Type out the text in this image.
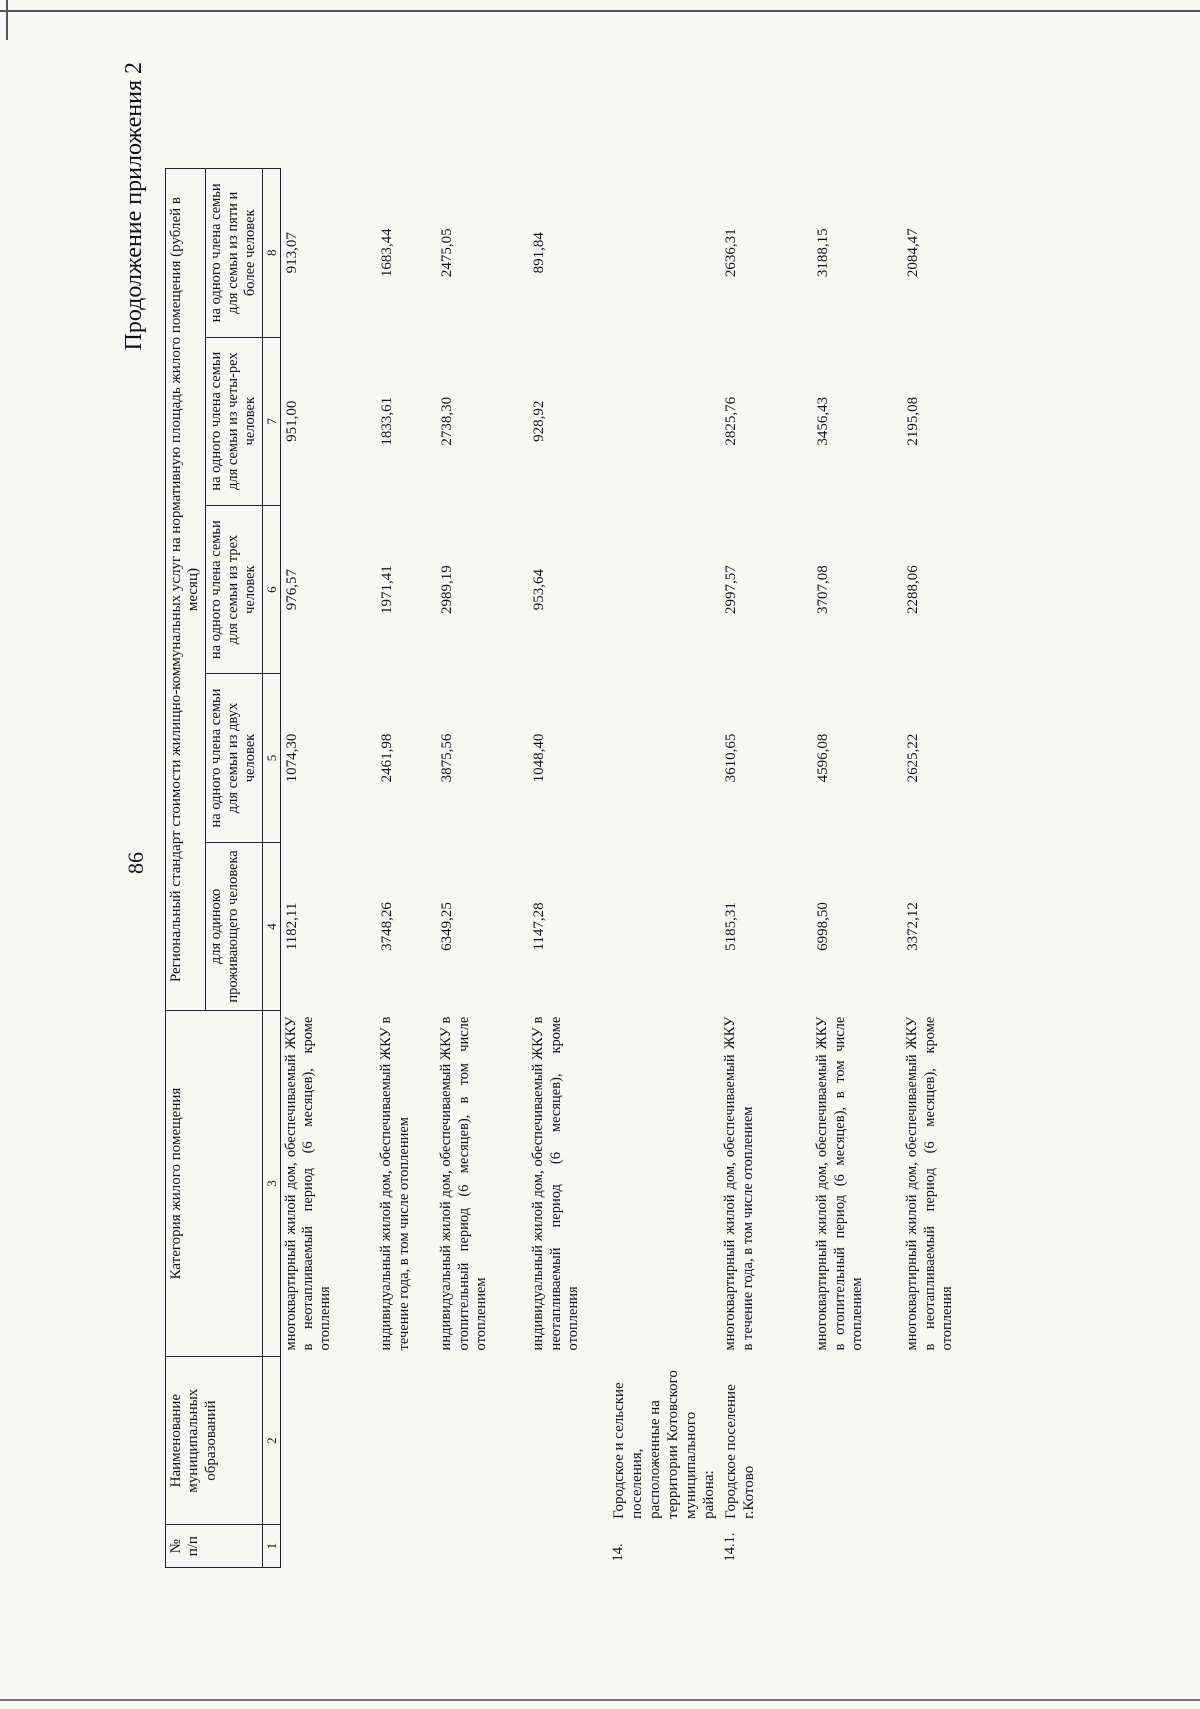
86
Продолжение приложения 2
№ п/п	Наименование муниципальных образований	Категория жилого помещения	Региональный стандарт стоимости жилищно-коммунальных услуг на нормативную площадь жилого помещения (рублей в месяц)				
			для одиноко проживающего человека	на одного члена семьи для семьи из двух человек	на одного члена семьи для семьи из трех человек	на одного члена семьи для семьи из четы-рех человек	на одного члена семьи для семьи из пяти и более человек
1	2	3	4	5	6	7	8
		многоквартирный жилой дом, обеспечиваемый ЖКУ в неотапливаемый период (6 месяцев), кроме отопления	1182,11	1074,30	976,57	951,00	913,07
		индивидуальный жилой дом, обеспечиваемый ЖКУ в течение года, в том числе отоплением	3748,26	2461,98	1971,41	1833,61	1683,44
		индивидуальный жилой дом, обеспечиваемый ЖКУ в отопительный период (6 месяцев), в том числе отоплением	6349,25	3875,56	2989,19	2738,30	2475,05
		индивидуальный жилой дом, обеспечиваемый ЖКУ в неотапливаемый период (6 месяцев), кроме отопления	1147,28	1048,40	953,64	928,92	891,84
14.	Городское и сельские поселения, расположенные на территории Котовского муниципального района:						
14.1.	Городское поселение г.Котово	многоквартирный жилой дом, обеспечиваемый ЖКУ в течение года, в том числе отоплением	5185,31	3610,65	2997,57	2825,76	2636,31
		многоквартирный жилой дом, обеспечиваемый ЖКУ в отопительный период (6 месяцев), в том числе отоплением	6998,50	4596,08	3707,08	3456,43	3188,15
		многоквартирный жилой дом, обеспечиваемый ЖКУ в неотапливаемый период (6 месяцев), кроме отопления	3372,12	2625,22	2288,06	2195,08	2084,47
